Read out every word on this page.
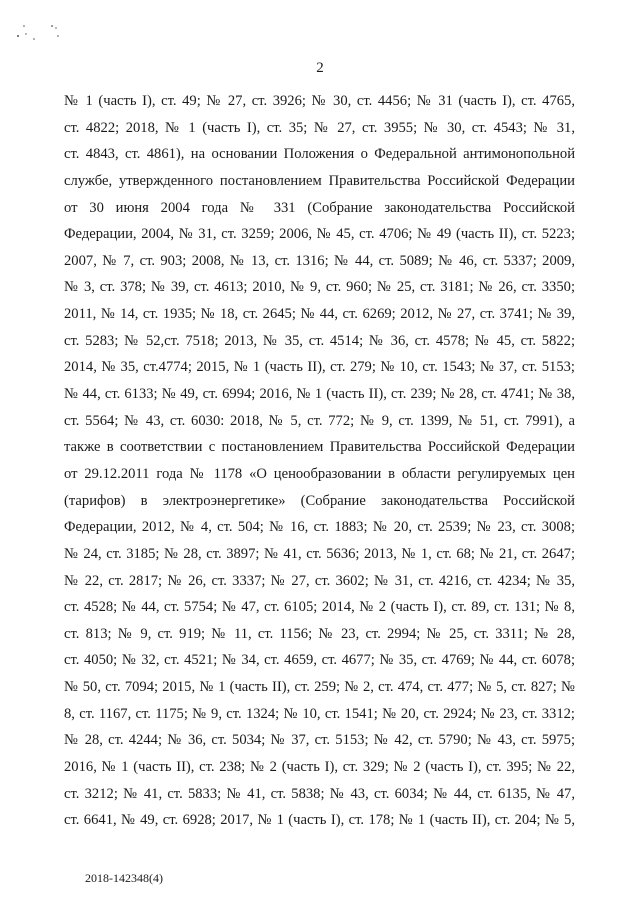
2
№ 1 (часть I), ст. 49; № 27, ст. 3926; № 30, ст. 4456; № 31 (часть I), ст. 4765,
ст. 4822; 2018, № 1 (часть I), ст. 35; № 27, ст. 3955; № 30, ст. 4543; № 31,
ст. 4843, ст. 4861), на основании Положения о Федеральной антимонопольной
службе, утвержденного постановлением Правительства Российской Федерации
от 30 июня 2004 года № 331 (Собрание законодательства Российской
Федерации, 2004, № 31, ст. 3259; 2006, № 45, ст. 4706; № 49 (часть II), ст. 5223;
2007, № 7, ст. 903; 2008, № 13, ст. 1316; № 44, ст. 5089; № 46, ст. 5337; 2009,
№ 3, ст. 378; № 39, ст. 4613; 2010, № 9, ст. 960; № 25, ст. 3181; № 26, ст. 3350;
2011, № 14, ст. 1935; № 18, ст. 2645; № 44, ст. 6269; 2012, № 27, ст. 3741; № 39,
ст. 5283; № 52,ст. 7518; 2013, № 35, ст. 4514; № 36, ст. 4578; № 45, ст. 5822;
2014, № 35, ст.4774; 2015, № 1 (часть II), ст. 279; № 10, ст. 1543; № 37, ст. 5153;
№ 44, ст. 6133; № 49, ст. 6994; 2016, № 1 (часть II), ст. 239; № 28, ст. 4741; № 38,
ст. 5564; № 43, ст. 6030: 2018, № 5, ст. 772; № 9, ст. 1399, № 51, ст. 7991), а
также в соответствии с постановлением Правительства Российской Федерации
от 29.12.2011 года № 1178 «О ценообразовании в области регулируемых цен
(тарифов) в электроэнергетике» (Собрание законодательства Российской
Федерации, 2012, № 4, ст. 504; № 16, ст. 1883; № 20, ст. 2539; № 23, ст. 3008;
№ 24, ст. 3185; № 28, ст. 3897; № 41, ст. 5636; 2013, № 1, ст. 68; № 21, ст. 2647;
№ 22, ст. 2817; № 26, ст. 3337; № 27, ст. 3602; № 31, ст. 4216, ст. 4234; № 35,
ст. 4528; № 44, ст. 5754; № 47, ст. 6105; 2014, № 2 (часть I), ст. 89, ст. 131; № 8,
ст. 813; № 9, ст. 919; № 11, ст. 1156; № 23, ст. 2994; № 25, ст. 3311; № 28,
ст. 4050; № 32, ст. 4521; № 34, ст. 4659, ст. 4677; № 35, ст. 4769; № 44, ст. 6078;
№ 50, ст. 7094; 2015, № 1 (часть II), ст. 259; № 2, ст. 474, ст. 477; № 5, ст. 827; №
8, ст. 1167, ст. 1175; № 9, ст. 1324; № 10, ст. 1541; № 20, ст. 2924; № 23, ст. 3312;
№ 28, ст. 4244; № 36, ст. 5034; № 37, ст. 5153; № 42, ст. 5790; № 43, ст. 5975;
2016, № 1 (часть II), ст. 238; № 2 (часть I), ст. 329; № 2 (часть I), ст. 395; № 22,
ст. 3212; № 41, ст. 5833; № 41, ст. 5838; № 43, ст. 6034; № 44, ст. 6135, № 47,
ст. 6641, № 49, ст. 6928; 2017, № 1 (часть I), ст. 178; № 1 (часть II), ст. 204; № 5,
2018-142348(4)
